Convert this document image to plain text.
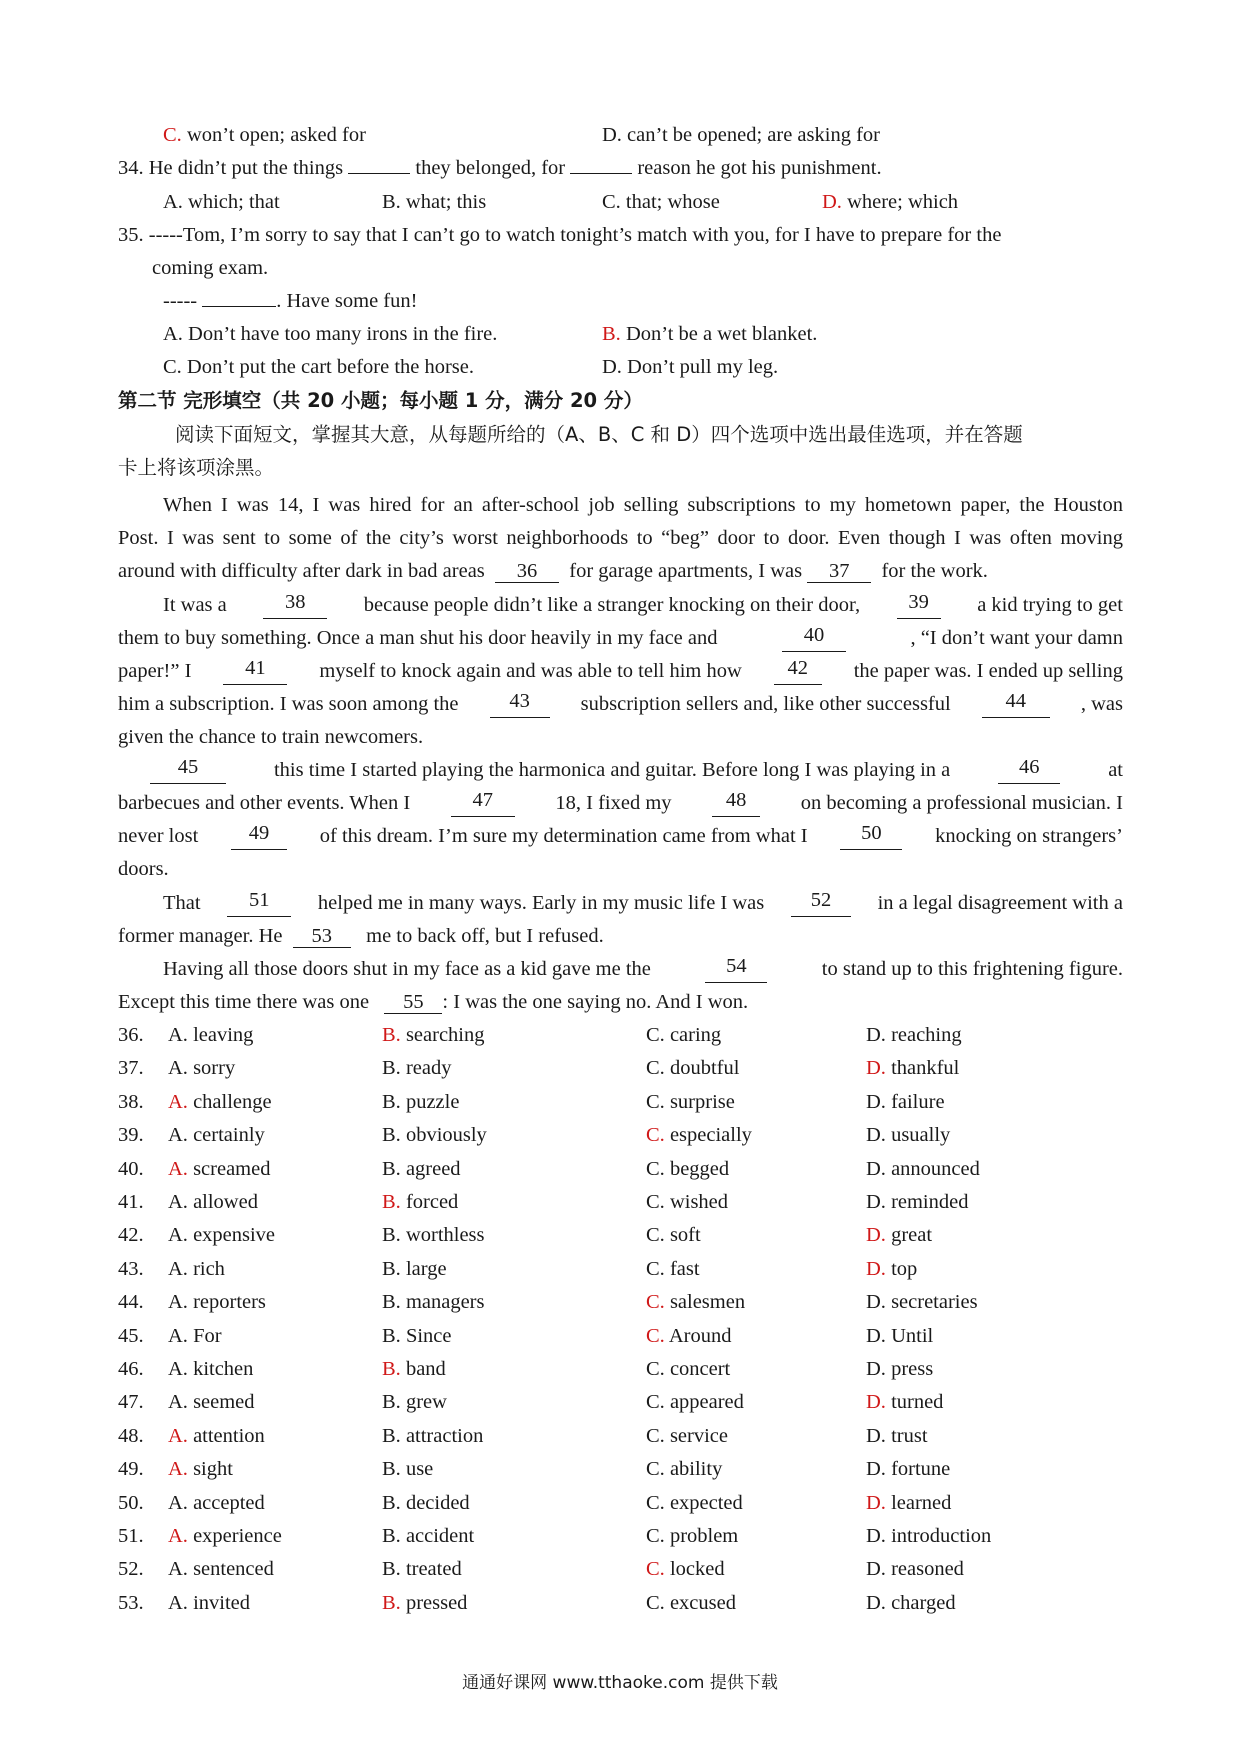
C. won’t open; asked for	D. can’t be opened; are asking for
34. He didn’t put the things	they belonged, for	reason he got his punishment.
A. which; that	B. what; this	C. that; whose	D. where; which
35. -----Tom, I’m sorry to say that I can’t go to watch tonight’s match with you, for I have to prepare for the
coming exam.
-----	. Have some fun!
A. Don’t have too many irons in the fire.	B. Don’t be a wet blanket.
C. Don’t put the cart before the horse.	D. Don’t pull my leg.
第二节 完形填空（共 20 小题；每小题 1 分，满分 20 分）
阅读下面短文，掌握其大意，从每题所给的（A、B、C 和 D）四个选项中选出最佳选项，并在答题
卡上将该项涂黑。
When I was 14, I was hired for an after-school job selling subscriptions to my hometown paper, the Houston
Post. I was sent to some of the city’s worst neighborhoods to “beg” door to door. Even though I was often moving
around with difficulty after dark in bad areas 36 for garage apartments, I was 37 for the work.
It was a	38	because people didn’t like a stranger knocking on their door,	39	a kid trying to get
them to buy something. Once a man shut his door heavily in my face and	40	, “I don’t want your damn
paper!” I	41	myself to knock again and was able to tell him how	42	the paper was. I ended up selling
him a subscription. I was soon among the	43	subscription sellers and, like other successful	44	, was
given the chance to train newcomers.
45	this time I started playing the harmonica and guitar. Before long I was playing in a	46	at
barbecues and other events. When I	47	18, I fixed my	48	on becoming a professional musician. I
never lost	49	of this dream. I’m sure my determination came from what I	50	knocking on strangers’
doors.
That	51	helped me in many ways. Early in my music life I was	52	in a legal disagreement with a
former manager. He 53 me to back off, but I refused.
Having all those doors shut in my face as a kid gave me the	54	to stand up to this frightening figure.
Except this time there was one 55 : I was the one saying no. And I won.
36. A. leaving	B. searching	C. caring	D. reaching
37. A. sorry	B. ready	C. doubtful	D. thankful
38. A. challenge	B. puzzle	C. surprise	D. failure
39. A. certainly	B. obviously	C. especially	D. usually
40. A. screamed	B. agreed	C. begged	D. announced
41. A. allowed	B. forced	C. wished	D. reminded
42. A. expensive	B. worthless	C. soft	D. great
43. A. rich	B. large	C. fast	D. top
44. A. reporters	B. managers	C. salesmen	D. secretaries
45. A. For	B. Since	C. Around	D. Until
46. A. kitchen	B. band	C. concert	D. press
47. A. seemed	B. grew	C. appeared	D. turned
48. A. attention	B. attraction	C. service	D. trust
49. A. sight	B. use	C. ability	D. fortune
50. A. accepted	B. decided	C. expected	D. learned
51. A. experience	B. accident	C. problem	D. introduction
52. A. sentenced	B. treated	C. locked	D. reasoned
53. A. invited	B. pressed	C. excused	D. charged
通通好课网 www.tthaoke.com 提供下载
